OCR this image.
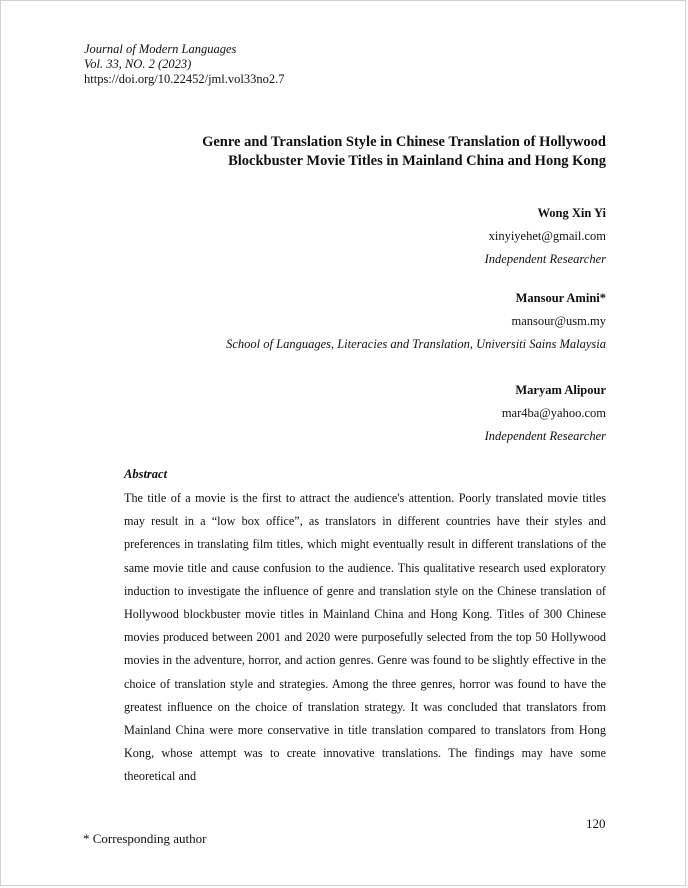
Journal of Modern Languages
Vol. 33, NO. 2 (2023)
https://doi.org/10.22452/jml.vol33no2.7
Genre and Translation Style in Chinese Translation of Hollywood
Blockbuster Movie Titles in Mainland China and Hong Kong
Wong Xin Yi
xinyiyehet@gmail.com
Independent Researcher
Mansour Amini*
mansour@usm.my
School of Languages, Literacies and Translation, Universiti Sains Malaysia
Maryam Alipour
mar4ba@yahoo.com
Independent Researcher
Abstract
The title of a movie is the first to attract the audience's attention. Poorly translated movie titles may result in a “low box office”, as translators in different countries have their styles and preferences in translating film titles, which might eventually result in different translations of the same movie title and cause confusion to the audience. This qualitative research used exploratory induction to investigate the influence of genre and translation style on the Chinese translation of Hollywood blockbuster movie titles in Mainland China and Hong Kong. Titles of 300 Chinese movies produced between 2001 and 2020 were purposefully selected from the top 50 Hollywood movies in the adventure, horror, and action genres. Genre was found to be slightly effective in the choice of translation style and strategies. Among the three genres, horror was found to have the greatest influence on the choice of translation strategy. It was concluded that translators from Mainland China were more conservative in title translation compared to translators from Hong Kong, whose attempt was to create innovative translations. The findings may have some theoretical and
120
* Corresponding author
